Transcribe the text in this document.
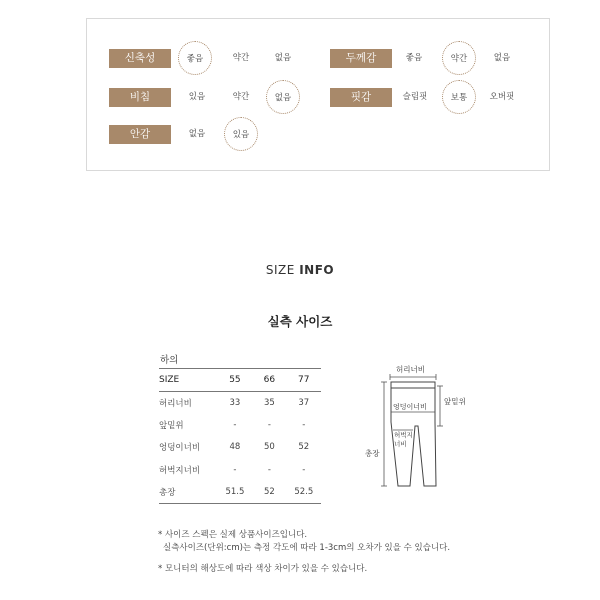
신축성	좋음	약간	없음	두께감	좋음	약간	없음
비침	있음	약간	없음	핏감	슬림핏	보통	오버핏
안감	없음	있음
SIZE INFO
실측 사이즈
하의
SIZE	55	66	77
허리너비	33	35	37
앞밑위	-	-	-
엉덩이너비	48	50	52
허벅지너비	-	-	-
총장	51.5	52	52.5
허리너비
앞밑위
엉덩이너비
허벅지
너비
총장

* 사이즈 스펙은 실제 상품사이즈입니다.

실측사이즈(단위:cm)는 측정 각도에 따라 1-3cm의 오차가 있을 수 있습니다.

* 모니터의 해상도에 따라 색상 차이가 있을 수 있습니다.
